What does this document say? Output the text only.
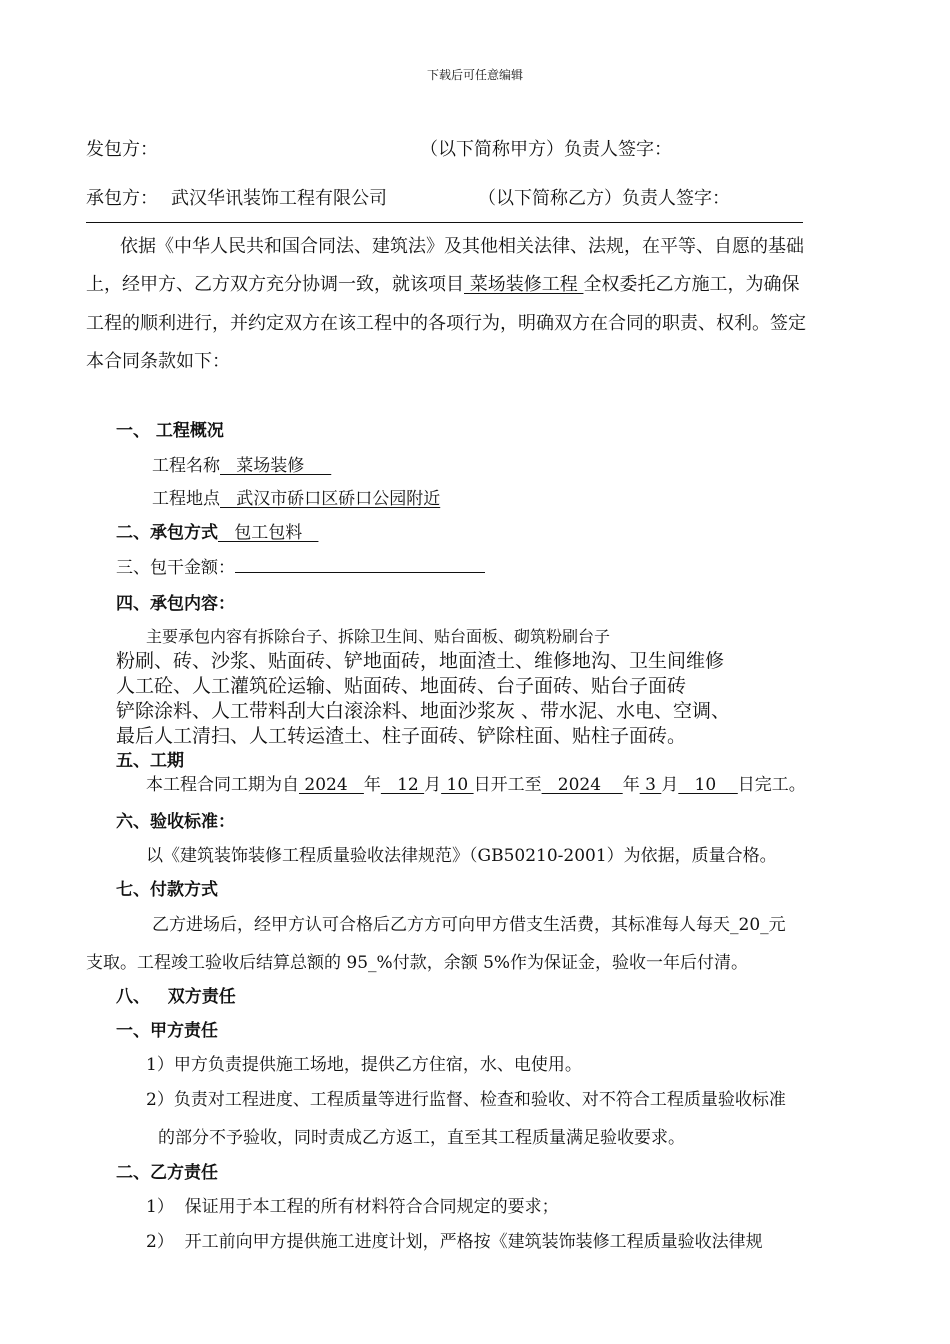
下载后可任意编辑
发包方：	（以下简称甲方）负责人签字：
承包方： 武汉华讯装饰工程有限公司	（以下简称乙方）负责人签字：
依据《中华人民共和国合同法、建筑法》及其他相关法律、法规，在平等、自愿的基础
上，经甲方、乙方双方充分协调一致，就该项目 菜场装修工程 全权委托乙方施工，为确保
工程的顺利进行，并约定双方在该工程中的各项行为，明确双方在合同的职责、权利。签定
本合同条款如下：
一、 工程概况
工程名称   菜场装修
工程地点   武汉市硚口区硚口公园附近
二、承包方式   包工包料
三、包干金额：
四、承包内容：
主要承包内容有拆除台子、拆除卫生间、贴台面板、砌筑粉刷台子
粉刷、砖、沙浆、贴面砖、铲地面砖，地面渣土、维修地沟、卫生间维修
人工砼、人工灌筑砼运输、贴面砖、地面砖、台子面砖、贴台子面砖
铲除涂料、人工带料刮大白滚涂料、地面沙浆灰 、带水泥、水电、空调、
最后人工清扫、人工转运渣土、柱子面砖、铲除柱面、贴柱子面砖。
五、工期
本工程合同工期为自 2024   年   12 月 10 日开工至   2024    年 3 月   10    日完工。
六、验收标准：
以《建筑装饰装修工程质量验收法律规范》（GB50210-2001）为依据，质量合格。
七、付款方式
乙方进场后，经甲方认可合格后乙方方可向甲方借支生活费，其标准每人每天_20_元
支取。工程竣工验收后结算总额的 95_%付款，余额 5%作为保证金，验收一年后付清。
八、   双方责任
一、甲方责任
1）甲方负责提供施工场地，提供乙方住宿，水、电使用。
2）负责对工程进度、工程质量等进行监督、检查和验收、对不符合工程质量验收标准
的部分不予验收，同时责成乙方返工，直至其工程质量满足验收要求。
二、乙方责任
1）  保证用于本工程的所有材料符合合同规定的要求；
2）  开工前向甲方提供施工进度计划，严格按《建筑装饰装修工程质量验收法律规
